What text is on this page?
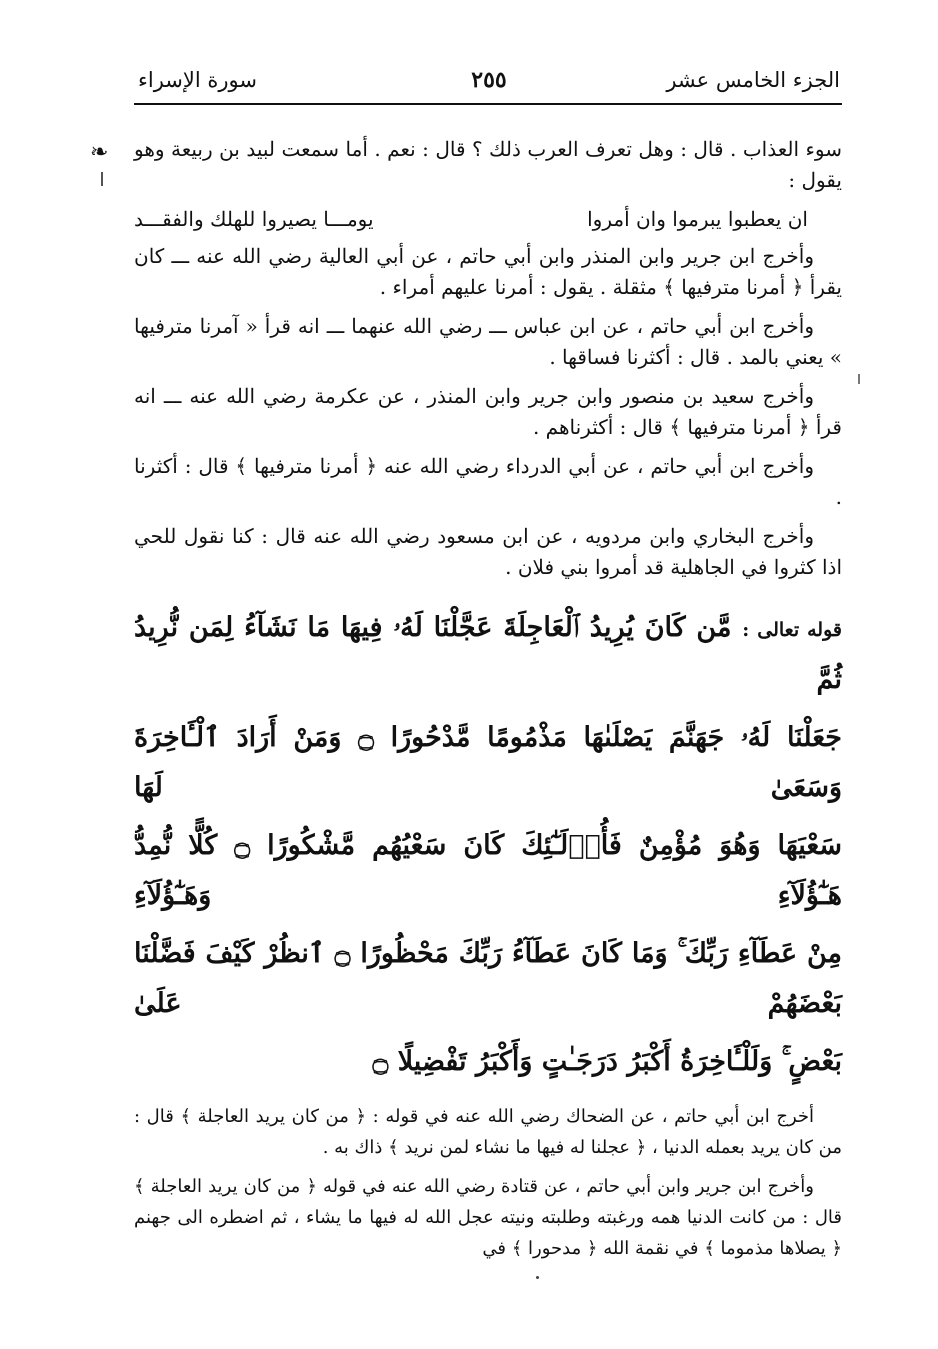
الجزء الخامس عشر
٢٥٥
سورة الإسراء
❧ سوء العذاب . قال : وهل تعرف العرب ذلك ؟ قال : نعم . أما سمعت لبيد بن ربيعة وهو يقول :

ان يعطبوا يبرموا وان أمروا
يومـــا يصيروا للهلك والفقـــد

وأخرج ابن جرير وابن المنذر وابن أبي حاتم ، عن أبي العالية رضي الله عنه ـــ كان يقرأ ﴿ أمرنا مترفيها ﴾ مثقلة . يقول : أمرنا عليهم أمراء .

وأخرج ابن أبي حاتم ، عن ابن عباس ـــ رضي الله عنهما ـــ انه قرأ « آمرنا مترفيها » يعني بالمد . قال : أكثرنا فساقها .

وأخرج سعيد بن منصور وابن جرير وابن المنذر ، عن عكرمة رضي الله عنه ـــ انه قرأ ﴿ أمرنا مترفيها ﴾ قال : أكثرناهم .

وأخرج ابن أبي حاتم ، عن أبي الدرداء رضي الله عنه ﴿ أمرنا مترفيها ﴾ قال : أكثرنا .

وأخرج البخاري وابن مردويه ، عن ابن مسعود رضي الله عنه قال : كنا نقول للحي اذا كثروا في الجاهلية قد أمروا بني فلان .

قوله تعالى : مَّن كَانَ يُرِيدُ ٱلْعَاجِلَةَ عَجَّلْنَا لَهُۥ فِيهَا مَا نَشَآءُ لِمَن نُّرِيدُ ثُمَّ

جَعَلْنَا لَهُۥ جَهَنَّمَ يَصْلَىٰهَا مَذْمُومًا مَّدْحُورًا ۝ وَمَنْ أَرَادَ ٱلْـَٔاخِرَةَ وَسَعَىٰ لَهَا

سَعْيَهَا وَهُوَ مُؤْمِنٌ فَأُو۟لَـٰٓئِكَ كَانَ سَعْيُهُم مَّشْكُورًا ۝ كُلًّا نُّمِدُّ هَـٰٓؤُلَآءِ وَهَـٰٓؤُلَآءِ

مِنْ عَطَآءِ رَبِّكَ ۚ وَمَا كَانَ عَطَآءُ رَبِّكَ مَحْظُورًا ۝ ٱنظُرْ كَيْفَ فَضَّلْنَا بَعْضَهُمْ عَلَىٰ

بَعْضٍ ۚ وَلَلْـَٔاخِرَةُ أَكْبَرُ دَرَجَـٰتٍ وَأَكْبَرُ تَفْضِيلًا ۝

أخرج ابن أبي حاتم ، عن الضحاك رضي الله عنه في قوله : ﴿ من كان يريد العاجلة ﴾ قال : من كان يريد بعمله الدنيا ، ﴿ عجلنا له فيها ما نشاء لمن نريد ﴾ ذاك به .

وأخرج ابن جرير وابن أبي حاتم ، عن قتادة رضي الله عنه في قوله ﴿ من كان يريد العاجلة ﴾ قال : من كانت الدنيا همه ورغبته وطلبته ونيته عجل الله له فيها ما يشاء ، ثم اضطره الى جهنم ﴿ يصلاها مذموما ﴾ في نقمة الله ﴿ مدحورا ﴾ في
